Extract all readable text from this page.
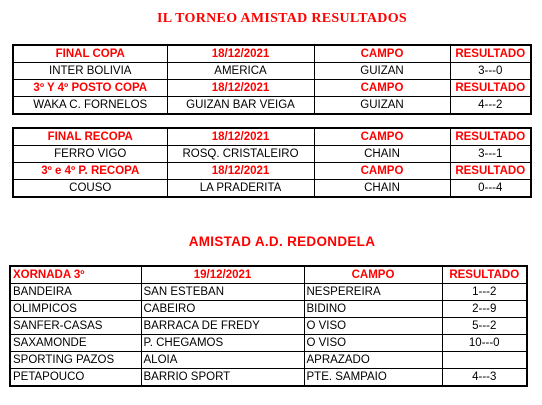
IL TORNEO AMISTAD RESULTADOS
FINAL COPA	18/12/2021	CAMPO	RESULTADO
INTER BOLIVIA	AMERICA	GUIZAN	3---0
3º Y 4º POSTO COPA	18/12/2021	CAMPO	RESULTADO
WAKA C. FORNELOS	GUIZAN BAR VEIGA	GUIZAN	4---2
FINAL RECOPA	18/12/2021	CAMPO	RESULTADO
FERRO VIGO	ROSQ. CRISTALEIRO	CHAIN	3---1
3º e 4º P. RECOPA	18/12/2021	CAMPO	RESULTADO
COUSO	LA PRADERITA	CHAIN	0---4
AMISTAD A.D. REDONDELA
XORNADA 3º	19/12/2021	CAMPO	RESULTADO
BANDEIRA	SAN ESTEBAN	NESPEREIRA	1---2
OLIMPICOS	CABEIRO	BIDINO	2---9
SANFER-CASAS	BARRACA DE FREDY	O VISO	5---2
SAXAMONDE	P. CHEGAMOS	O VISO	10---0
SPORTING PAZOS	ALOIA	APRAZADO	
PETAPOUCO	BARRIO SPORT	PTE. SAMPAIO	4---3
